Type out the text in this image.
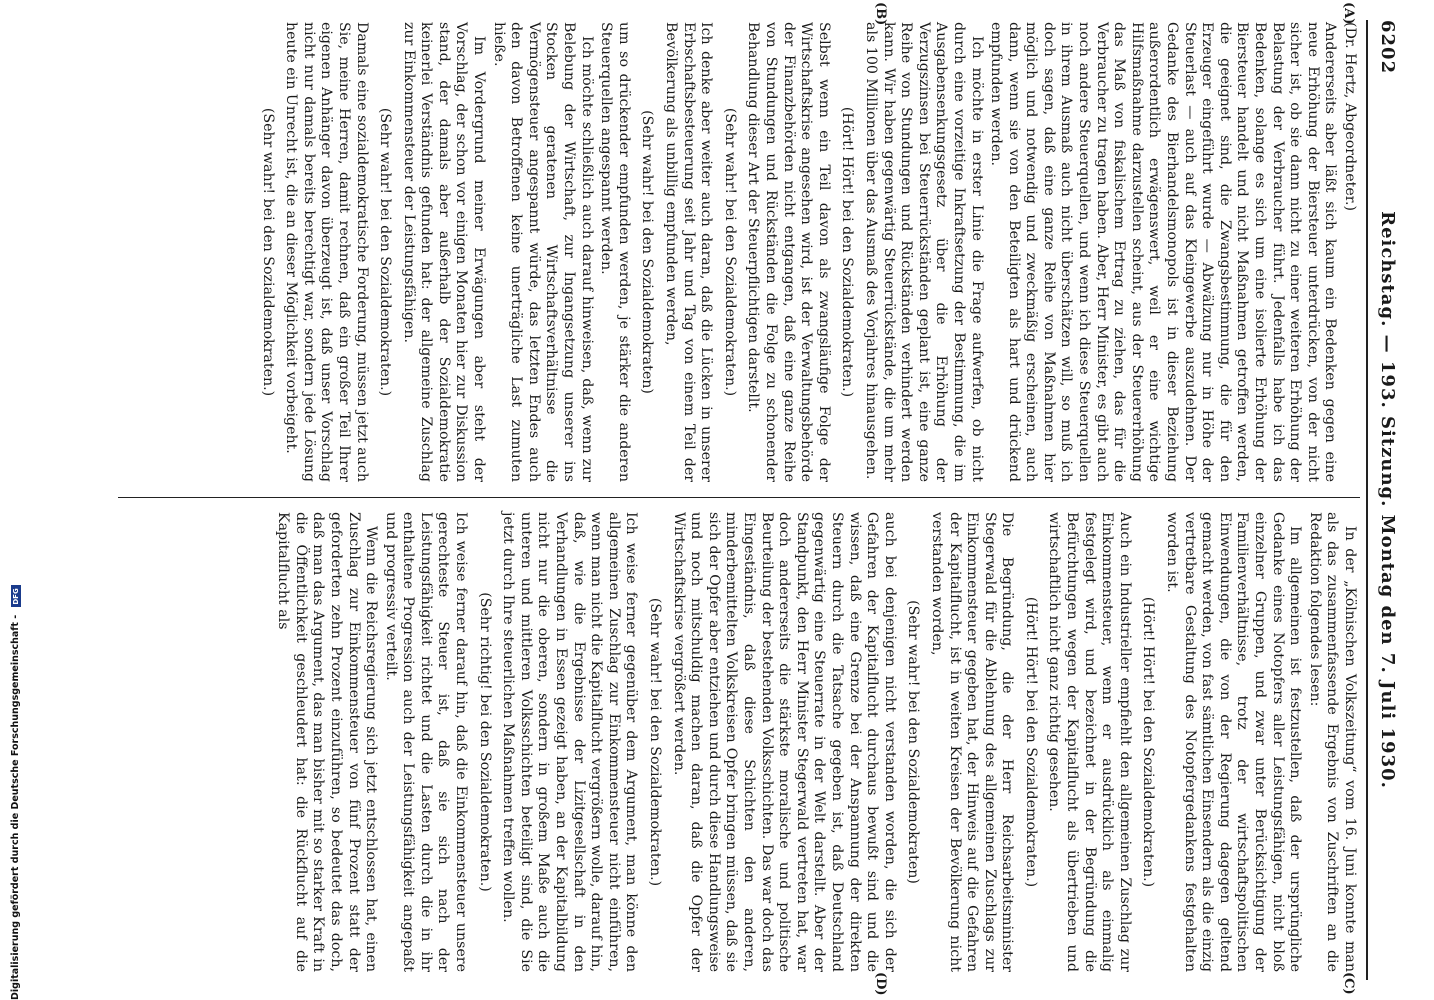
Digitalisierung gefördert durch die Deutsche Forschungsgemeinschaft - DFG
6202
Reichstag. — 193. Sitzung. Montag den 7. Juli 1930.
(A)
(B)
(C)
(D)

(Dr. Hertz, Abgeordneter.)

Andererseits aber läßt sich kaum ein Bedenken gegen eine neue Erhöhung der Biersteuer unterdrücken, von der nicht sicher ist, ob sie dann nicht zu einer weiteren Erhöhung der Belastung der Verbraucher führt. Jedenfalls habe ich das Bedenken, solange es sich um eine isolierte Erhöhung der Biersteuer handelt und nicht Maßnahmen getroffen werden, die geeignet sind, die Zwangsbestimmung, die für den Erzeuger eingeführt wurde — Abwälzung nur in Höhe der Steuerlast — auch auf das Kleingewerbe auszudehnen. Der Gedanke des Bierhandelsmonopols ist in dieser Beziehung außerordentlich erwägenswert, weil er eine wichtige Hilfsmaßnahme darzustellen scheint, aus der Steuererhöhung das Maß von fiskalischem Ertrag zu ziehen, das für die Verbraucher zu tragen haben. Aber, Herr Minister, es gibt auch noch andere Steuerquellen, und wenn ich diese Steuerquellen in ihrem Ausmaß auch nicht überschätzen will, so muß ich doch sagen, daß eine ganze Reihe von Maßnahmen hier möglich und notwendig und zweckmäßig erscheinen, auch dann, wenn sie von den Beteiligten als hart und drückend empfunden werden.

Ich möchte in erster Linie die Frage aufwerfen, ob nicht durch eine vorzeitige Inkraftsetzung der Bestimmung, die im Ausgabensenkungsgesetz über die Erhöhung der Verzugszinsen bei Steuerrückständen geplant ist, eine ganze Reihe von Stundungen und Rückständen verhindert werden kann. Wir haben gegenwärtig Steuerrückstände, die um mehr als 100 Millionen über das Ausmaß des Vorjahres hinausgehen.

(Hört! Hört! bei den Sozialdemokraten.)

Selbst wenn ein Teil davon als zwangsläufige Folge der Wirtschaftskrise angesehen wird, ist der Verwaltungsbehörde der Finanzbehörden nicht entgangen, daß eine ganze Reihe von Stundungen und Rückständen die Folge zu schonender Behandlung dieser Art der Steuerpflichtigen darstellt.

(Sehr wahr! bei den Sozialdemokraten.)

Ich denke aber weiter auch daran, daß die Lücken in unserer Erbschaftsbesteuerung seit Jahr und Tag von einem Teil der Bevölkerung als unbillig empfunden werden,

(Sehr wahr! bei den Sozialdemokraten)

um so drückender empfunden werden, je stärker die anderen Steuerquellen angespannt werden.

Ich möchte schließlich auch darauf hinweisen, daß, wenn zur Belebung der Wirtschaft, zur Ingangsetzung unserer ins Stocken geratenen Wirtschaftsverhältnisse die Vermögensteuer angespannt würde, das letzten Endes auch den davon Betroffenen keine unerträgliche Last zumuten hieße.

Im Vordergrund meiner Erwägungen aber steht der Vorschlag, der schon vor einigen Monaten hier zur Diskussion stand, der damals aber außerhalb der Sozialdemokratie keinerlei Verständnis gefunden hat: der allgemeine Zuschlag zur Einkommensteuer der Leistungsfähigen.

(Sehr wahr! bei den Sozialdemokraten.)

Damals eine sozialdemokratische Forderung, müssen jetzt auch Sie, meine Herren, damit rechnen, daß ein großer Teil Ihrer eigenen Anhänger davon überzeugt ist, daß unser Vorschlag nicht nur damals bereits berechtigt war, sondern jede Lösung heute ein Unrecht ist, die an dieser Möglichkeit vorbeigeht.

(Sehr wahr! bei den Sozialdemokraten.)

In der „Kölnischen Volkszeitung“ vom 16. Juni konnte man als das zusammenfassende Ergebnis von Zuschriften an die Redaktion folgendes lesen:

Im allgemeinen ist festzustellen, daß der ursprüngliche Gedanke eines Notopfers aller Leistungsfähigen, nicht bloß einzelner Gruppen, und zwar unter Berücksichtigung der Familienverhältnisse, trotz der wirtschaftspolitischen Einwendungen, die von der Regierung dagegen geltend gemacht werden, von fast sämtlichen Einsendern als die einzig vertretbare Gestaltung des Notopfergedankens festgehalten worden ist.

(Hört! Hört! bei den Sozialdemokraten.)

Auch ein Industrieller empfiehlt den allgemeinen Zuschlag zur Einkommensteuer, wenn er ausdrücklich als einmalig festgelegt wird, und bezeichnet in der Begründung die Befürchtungen wegen der Kapitalflucht als übertrieben und wirtschaftlich nicht ganz richtig gesehen.

(Hört! Hört! bei den Sozialdemokraten.)

Die Begründung, die der Herr Reichsarbeitsminister Stegerwald für die Ablehnung des allgemeinen Zuschlags zur Einkommensteuer gegeben hat, der Hinweis auf die Gefahren der Kapitalflucht, ist in weiten Kreisen der Bevölkerung nicht verstanden worden,

(Sehr wahr! bei den Sozialdemokraten)

auch bei denjenigen nicht verstanden worden, die sich der Gefahren der Kapitalflucht durchaus bewußt sind und die wissen, daß eine Grenze bei der Anspannung der direkten Steuern durch die Tatsache gegeben ist, daß Deutschland gegenwärtig eine Steuerrate in der Welt darstellt. Aber der Standpunkt, den Herr Minister Stegerwald vertreten hat, war doch andererseits die stärkste moralische und politische Beurteilung der bestehenden Volksschichten. Das war doch das Eingeständnis, daß diese Schichten den anderen, minderbemittelten Volkskreisen Opfer bringen müssen, daß sie sich der Opfer aber entziehen und durch diese Handlungsweise und noch mitschuldig machen daran, daß die Opfer der Wirtschaftskrise vergrößert werden.

(Sehr wahr! bei den Sozialdemokraten.)

Ich weise ferner gegenüber dem Argument, man könne den allgemeinen Zuschlag zur Einkommensteuer nicht einführen, wenn man nicht die Kapitalflucht vergrößern wolle, darauf hin, daß, wie die Ergebnisse der Lizitgesellschaft in den Verhandlungen in Essen gezeigt haben, an der Kapitalbildung nicht nur die oberen, sondern in großem Maße auch die unteren und mittleren Volksschichten beteiligt sind, die Sie jetzt durch Ihre steuerlichen Maßnahmen treffen wollen.

(Sehr richtig! bei den Sozialdemokraten.)

Ich weise ferner darauf hin, daß die Einkommensteuer unsere gerechteste Steuer ist, daß sie sich nach der Leistungsfähigkeit richtet und die Lasten durch die in ihr enthaltene Progression auch der Leistungsfähigkeit angepaßt und progressiv verteilt.

Wenn die Reichsregierung sich jetzt entschlossen hat, einen Zuschlag zur Einkommensteuer von fünf Prozent statt der geforderten zehn Prozent einzuführen, so bedeutet das doch, daß man das Argument, das man bisher mit so starker Kraft in die Öffentlichkeit geschleudert hat: die Rückflucht auf die Kapitalflucht als
